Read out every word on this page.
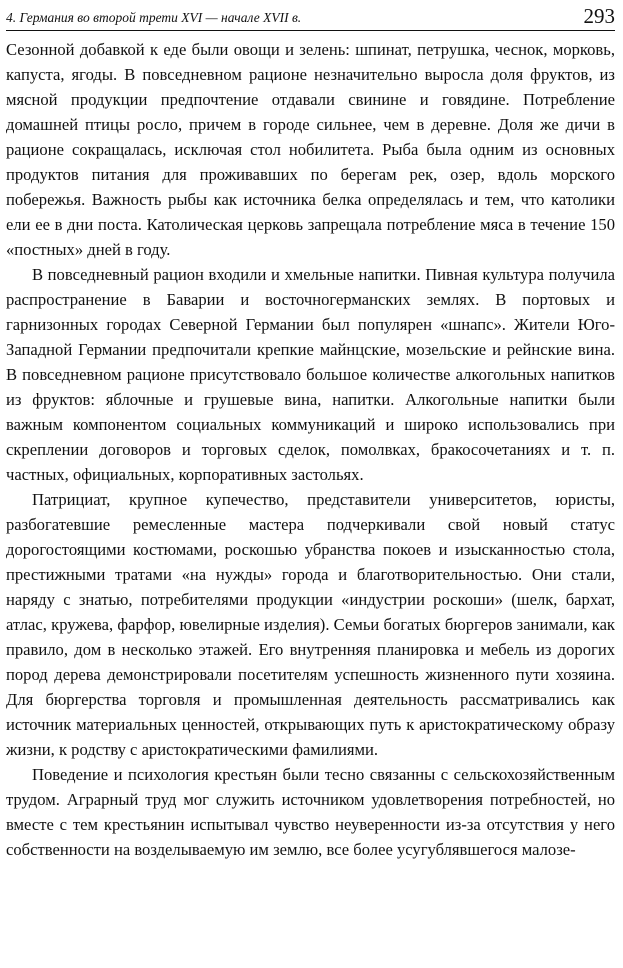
4. Германия во второй трети XVI — начале XVII в.	293

Сезонной добавкой к еде были овощи и зелень: шпинат, петрушка, чеснок, морковь, капуста, ягоды. В повседневном рационе незначительно выросла доля фруктов, из мясной продукции предпочтение отдавали свинине и говядине. Потребление домашней птицы росло, причем в городе сильнее, чем в деревне. Доля же дичи в рационе сокращалась, исключая стол нобилитета. Рыба была одним из основных продуктов питания для проживавших по берегам рек, озер, вдоль морского побережья. Важность рыбы как источника белка определялась и тем, что католики ели ее в дни поста. Католическая церковь запрещала потребление мяса в течение 150 «постных» дней в году.

В повседневный рацион входили и хмельные напитки. Пивная культура получила распространение в Баварии и восточногерманских землях. В портовых и гарнизонных городах Северной Германии был популярен «шнапс». Жители Юго-Западной Германии предпочитали крепкие майнцские, мозельские и рейнские вина. В повседневном рационе присутствовало большое количестве алкогольных напитков из фруктов: яблочные и грушевые вина, напитки. Алкогольные напитки были важным компонентом социальных коммуникаций и широко использовались при скреплении договоров и торговых сделок, помолвках, бракосочетаниях и т. п. частных, официальных, корпоративных застольях.

Патрициат, крупное купечество, представители университетов, юристы, разбогатевшие ремесленные мастера подчеркивали свой новый статус дорогостоящими костюмами, роскошью убранства покоев и изысканностью стола, престижными тратами «на нужды» города и благотворительностью. Они стали, наряду с знатью, потребителями продукции «индустрии роскоши» (шелк, бархат, атлас, кружева, фарфор, ювелирные изделия). Семьи богатых бюргеров занимали, как правило, дом в несколько этажей. Его внутренняя планировка и мебель из дорогих пород дерева демонстрировали посетителям успешность жизненного пути хозяина. Для бюргерства торговля и промышленная деятельность рассматривались как источник материальных ценностей, открывающих путь к аристократическому образу жизни, к родству с аристократическими фамилиями.

Поведение и психология крестьян были тесно связанны с сельскохозяйственным трудом. Аграрный труд мог служить источником удовлетворения потребностей, но вместе с тем крестьянин испытывал чувство неуверенности из-за отсутствия у него собственности на возделываемую им землю, все более усугублявшегося малозе-
